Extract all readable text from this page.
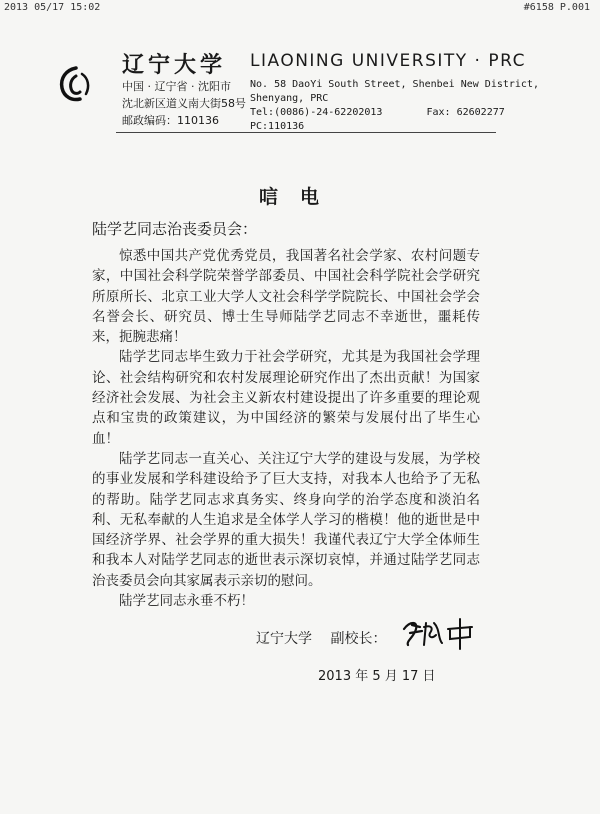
2013 05/17 15:02	#6158 P.001
辽宁大学
中国 · 辽宁省 · 沈阳市
沈北新区道义南大街58号
邮政编码：110136
LIAONING UNIVERSITY · PRC
No. 58 DaoYi South Street, Shenbei New District,
Shenyang, PRC
Tel:(0086)-24-62202013	Fax: 62602277
PC:110136
唁电
陆学艺同志治丧委员会：

惊悉中国共产党优秀党员，我国著名社会学家、农村问题专家，中国社会科学院荣誉学部委员、中国社会科学院社会学研究所原所长、北京工业大学人文社会科学学院院长、中国社会学会名誉会长、研究员、博士生导师陆学艺同志不幸逝世，噩耗传来，扼腕悲痛！

陆学艺同志毕生致力于社会学研究，尤其是为我国社会学理论、社会结构研究和农村发展理论研究作出了杰出贡献！为国家经济社会发展、为社会主义新农村建设提出了许多重要的理论观点和宝贵的政策建议，为中国经济的繁荣与发展付出了毕生心血！

陆学艺同志一直关心、关注辽宁大学的建设与发展，为学校的事业发展和学科建设给予了巨大支持，对我本人也给予了无私的帮助。陆学艺同志求真务实、终身向学的治学态度和淡泊名利、无私奉献的人生追求是全体学人学习的楷模！他的逝世是中国经济学界、社会学界的重大损失！我谨代表辽宁大学全体师生和我本人对陆学艺同志的逝世表示深切哀悼，并通过陆学艺同志治丧委员会向其家属表示亲切的慰问。

陆学艺同志永垂不朽！

辽宁大学 副校长：
2013 年 5 月 17 日
